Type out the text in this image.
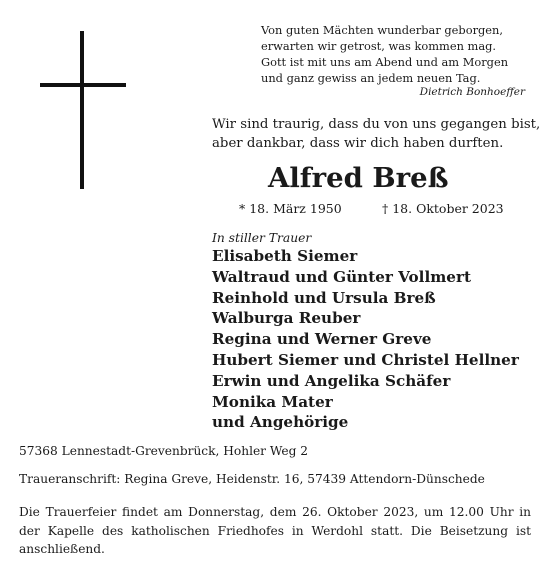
Von guten Mächten wunderbar geborgen,
erwarten wir getrost, was kommen mag.
Gott ist mit uns am Abend und am Morgen
und ganz gewiss an jedem neuen Tag.
Dietrich Bonhoeffer
Wir sind traurig, dass du von uns gegangen bist,
aber dankbar, dass wir dich haben durften.
Alfred Breß
* 18. März 1950	† 18. Oktober 2023
In stiller Trauer
Elisabeth Siemer
Waltraud und Günter Vollmert
Reinhold und Ursula Breß
Walburga Reuber
Regina und Werner Greve
Hubert Siemer und Christel Hellner
Erwin und Angelika Schäfer
Monika Mater
und Angehörige
57368 Lennestadt-Grevenbrück, Hohler Weg 2
Traueranschrift: Regina Greve, Heidenstr. 16, 57439 Attendorn-Dünschede
Die Trauerfeier findet am Donnerstag, dem 26. Oktober 2023, um 12.00 Uhr in der Kapelle des katholischen Friedhofes in Werdohl statt. Die Beisetzung ist anschließend.
